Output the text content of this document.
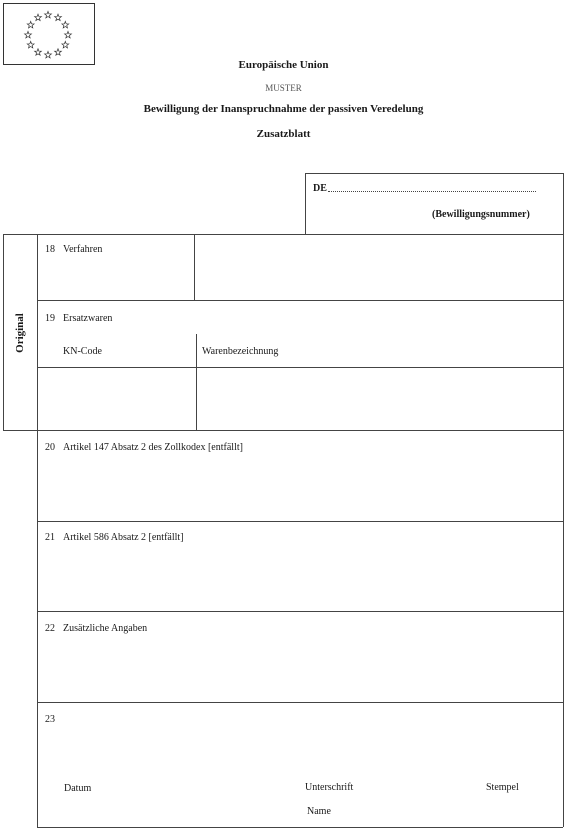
Europäische Union
MUSTER
Bewilligung der Inanspruchnahme der passiven Veredelung
Zusatzblatt
DE
(Bewilligungsnummer)
Original
18 Verfahren
19 Ersatzwaren
KN-Code	Warenbezeichnung
20 Artikel 147 Absatz 2 des Zollkodex [entfällt]
21 Artikel 586 Absatz 2 [entfällt]
22 Zusätzliche Angaben
23
Datum	Unterschrift	Stempel
Name
